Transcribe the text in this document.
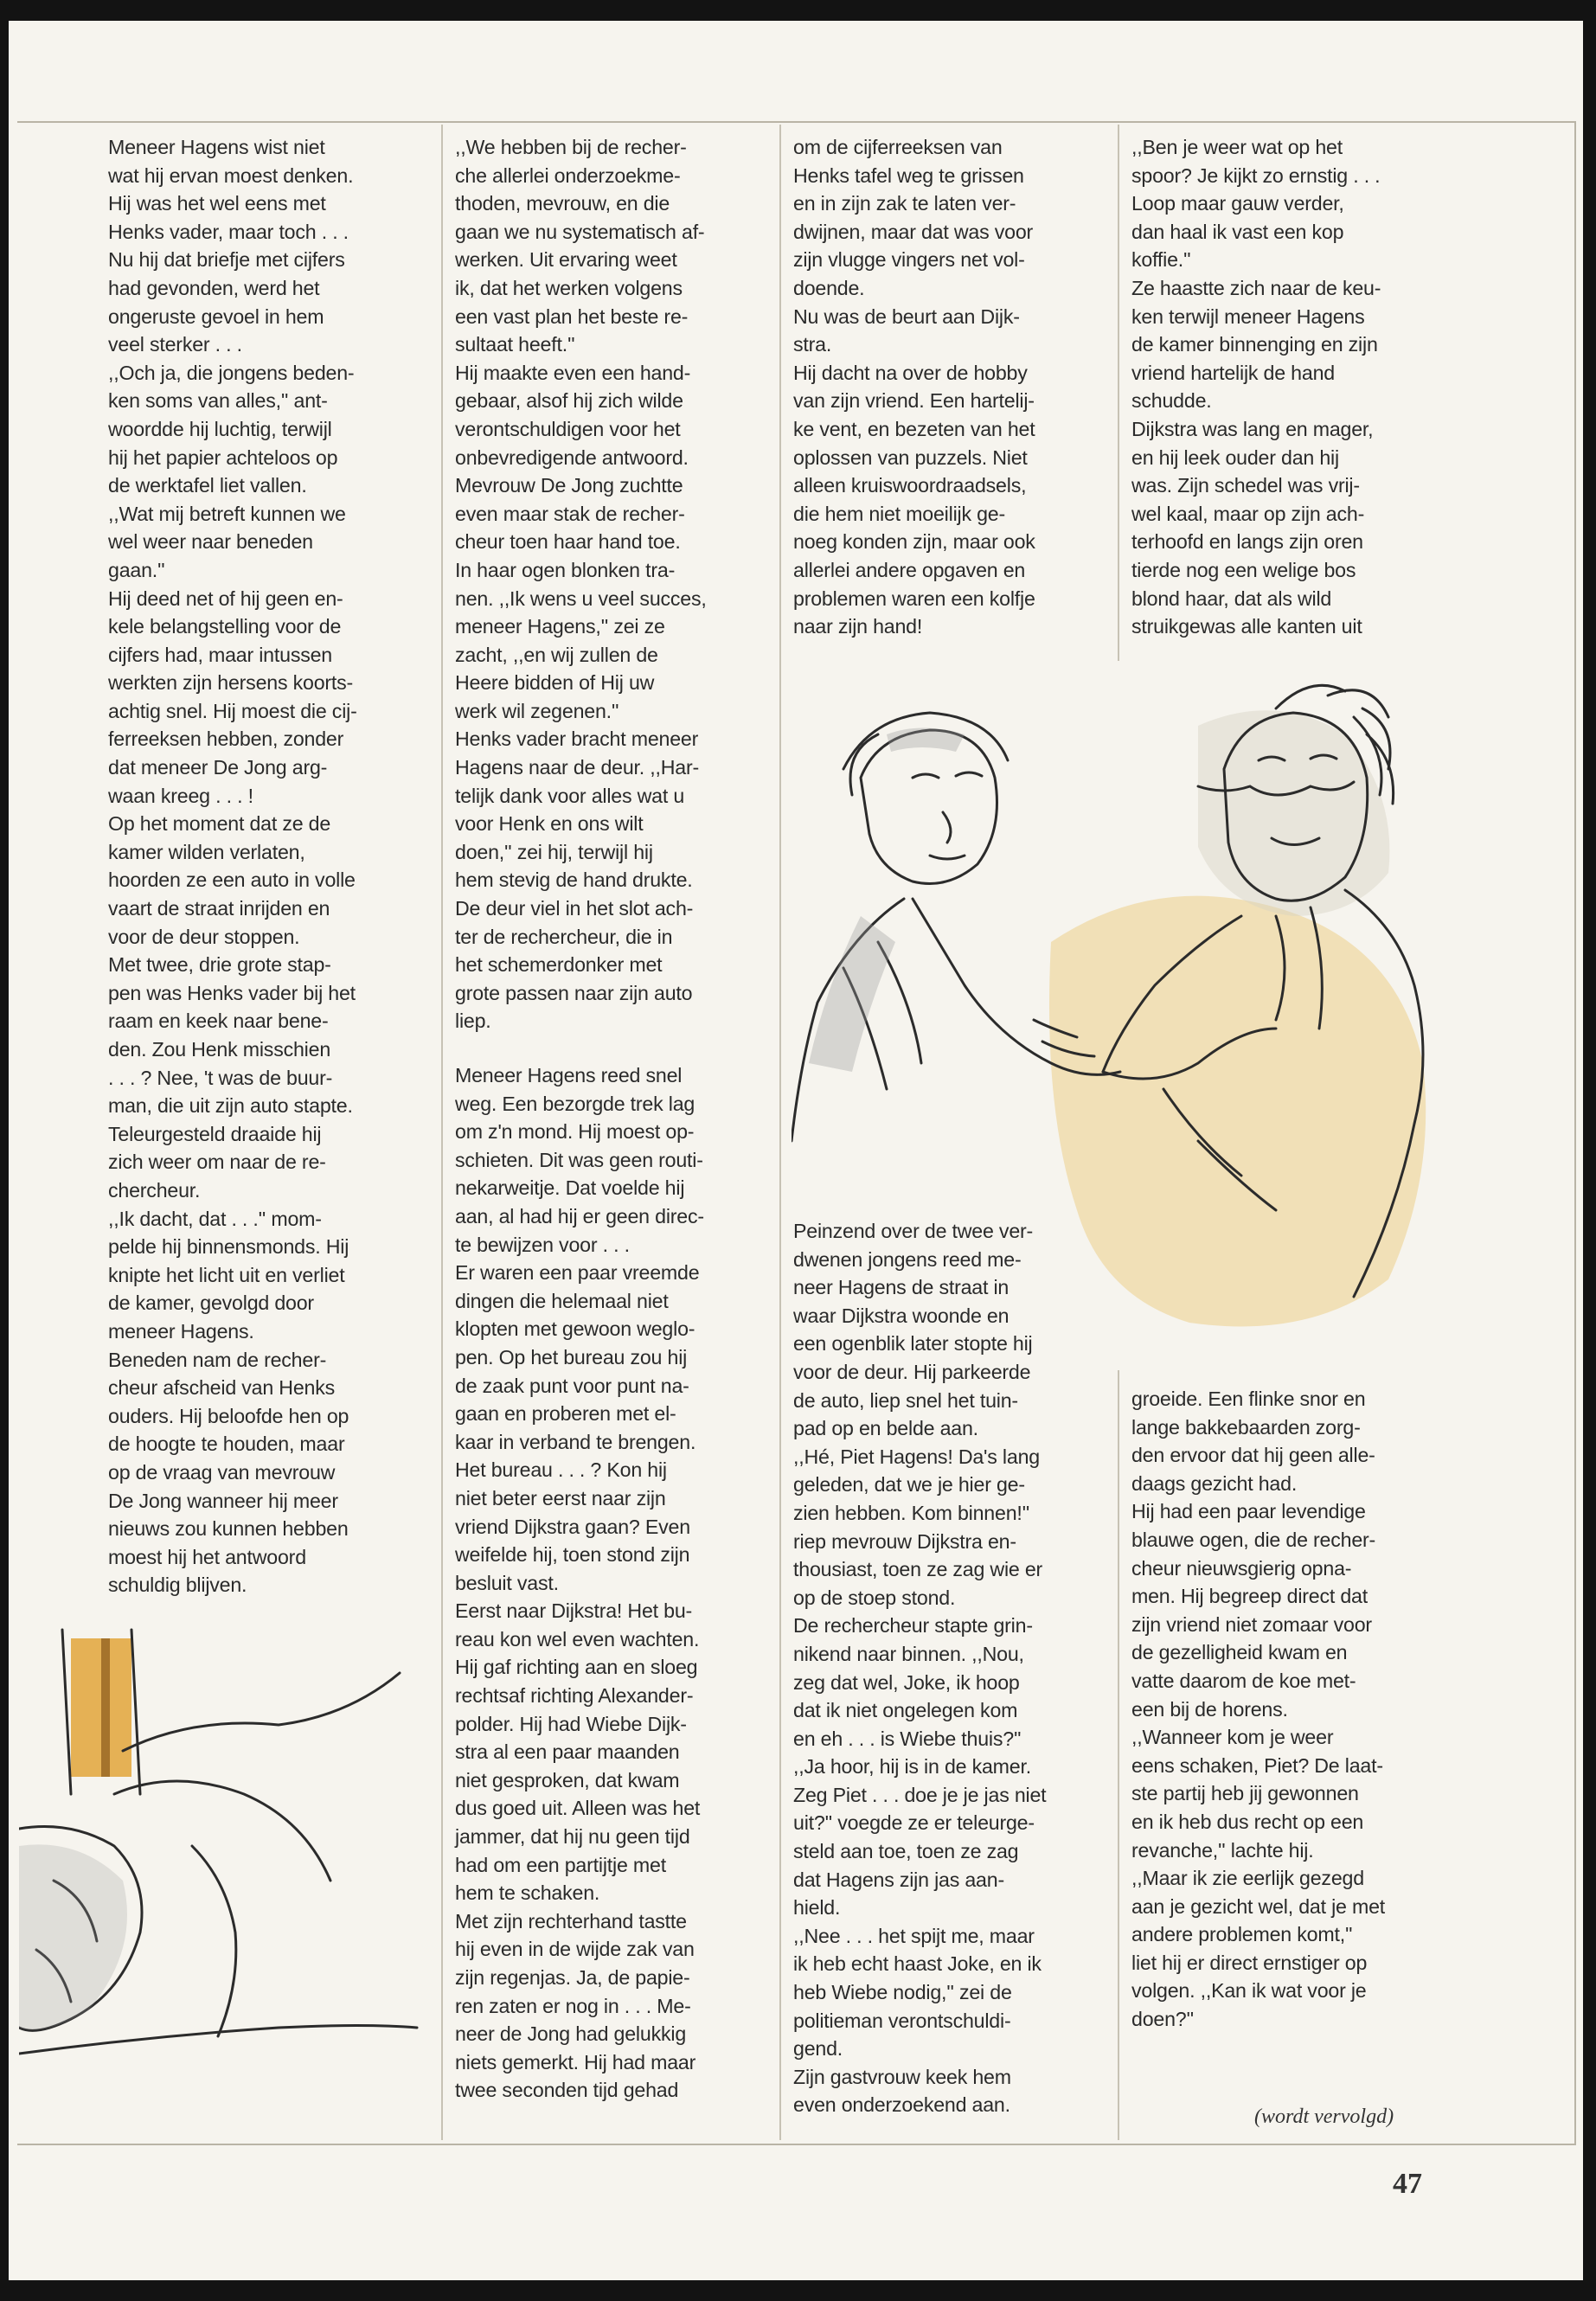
Meneer Hagens wist niet

wat hij ervan moest denken.

Hij was het wel eens met

Henks vader, maar toch . . .

Nu hij dat briefje met cijfers

had gevonden, werd het

ongeruste gevoel in hem

veel sterker . . .

,,Och ja, die jongens beden-

ken soms van alles,'' ant-

woordde hij luchtig, terwijl

hij het papier achteloos op

de werktafel liet vallen.

,,Wat mij betreft kunnen we

wel weer naar beneden

gaan.''

Hij deed net of hij geen en-

kele belangstelling voor de

cijfers had, maar intussen

werkten zijn hersens koorts-

achtig snel. Hij moest die cij-

ferreeksen hebben, zonder

dat meneer De Jong arg-

waan kreeg . . . !

Op het moment dat ze de

kamer wilden verlaten,

hoorden ze een auto in volle

vaart de straat inrijden en

voor de deur stoppen.

Met twee, drie grote stap-

pen was Henks vader bij het

raam en keek naar bene-

den. Zou Henk misschien

. . . ? Nee, 't was de buur-

man, die uit zijn auto stapte.

Teleurgesteld draaide hij

zich weer om naar de re-

chercheur.

,,Ik dacht, dat . . .'' mom-

pelde hij binnensmonds. Hij

knipte het licht uit en verliet

de kamer, gevolgd door

meneer Hagens.

Beneden nam de recher-

cheur afscheid van Henks

ouders. Hij beloofde hen op

de hoogte te houden, maar

op de vraag van mevrouw

De Jong wanneer hij meer

nieuws zou kunnen hebben

moest hij het antwoord

schuldig blijven.

,,We hebben bij de recher-

che allerlei onderzoekme-

thoden, mevrouw, en die

gaan we nu systematisch af-

werken. Uit ervaring weet

ik, dat het werken volgens

een vast plan het beste re-

sultaat heeft.''

Hij maakte even een hand-

gebaar, alsof hij zich wilde

verontschuldigen voor het

onbevredigende antwoord.

Mevrouw De Jong zuchtte

even maar stak de recher-

cheur toen haar hand toe.

In haar ogen blonken tra-

nen. ,,Ik wens u veel succes,

meneer Hagens,'' zei ze

zacht, ,,en wij zullen de

Heere bidden of Hij uw

werk wil zegenen.''

Henks vader bracht meneer

Hagens naar de deur. ,,Har-

telijk dank voor alles wat u

voor Henk en ons wilt

doen,'' zei hij, terwijl hij

hem stevig de hand drukte.

De deur viel in het slot ach-

ter de rechercheur, die in

het schemerdonker met

grote passen naar zijn auto

liep.

Meneer Hagens reed snel

weg. Een bezorgde trek lag

om z'n mond. Hij moest op-

schieten. Dit was geen routi-

nekarweitje. Dat voelde hij

aan, al had hij er geen direc-

te bewijzen voor . . .

Er waren een paar vreemde

dingen die helemaal niet

klopten met gewoon weglo-

pen. Op het bureau zou hij

de zaak punt voor punt na-

gaan en proberen met el-

kaar in verband te brengen.

Het bureau . . . ? Kon hij

niet beter eerst naar zijn

vriend Dijkstra gaan? Even

weifelde hij, toen stond zijn

besluit vast.

Eerst naar Dijkstra! Het bu-

reau kon wel even wachten.

Hij gaf richting aan en sloeg

rechtsaf richting Alexander-

polder. Hij had Wiebe Dijk-

stra al een paar maanden

niet gesproken, dat kwam

dus goed uit. Alleen was het

jammer, dat hij nu geen tijd

had om een partijtje met

hem te schaken.

Met zijn rechterhand tastte

hij even in de wijde zak van

zijn regenjas. Ja, de papie-

ren zaten er nog in . . . Me-

neer de Jong had gelukkig

niets gemerkt. Hij had maar

twee seconden tijd gehad

om de cijferreeksen van

Henks tafel weg te grissen

en in zijn zak te laten ver-

dwijnen, maar dat was voor

zijn vlugge vingers net vol-

doende.

Nu was de beurt aan Dijk-

stra.

Hij dacht na over de hobby

van zijn vriend. Een hartelij-

ke vent, en bezeten van het

oplossen van puzzels. Niet

alleen kruiswoordraadsels,

die hem niet moeilijk ge-

noeg konden zijn, maar ook

allerlei andere opgaven en

problemen waren een kolfje

naar zijn hand!

Peinzend over de twee ver-

dwenen jongens reed me-

neer Hagens de straat in

waar Dijkstra woonde en

een ogenblik later stopte hij

voor de deur. Hij parkeerde

de auto, liep snel het tuin-

pad op en belde aan.

,,Hé, Piet Hagens! Da's lang

geleden, dat we je hier ge-

zien hebben. Kom binnen!''

riep mevrouw Dijkstra en-

thousiast, toen ze zag wie er

op de stoep stond.

De rechercheur stapte grin-

nikend naar binnen. ,,Nou,

zeg dat wel, Joke, ik hoop

dat ik niet ongelegen kom

en eh . . . is Wiebe thuis?''

,,Ja hoor, hij is in de kamer.

Zeg Piet . . . doe je je jas niet

uit?'' voegde ze er teleurge-

steld aan toe, toen ze zag

dat Hagens zijn jas aan-

hield.

,,Nee . . . het spijt me, maar

ik heb echt haast Joke, en ik

heb Wiebe nodig,'' zei de

politieman verontschuldi-

gend.

Zijn gastvrouw keek hem

even onderzoekend aan.

,,Ben je weer wat op het

spoor? Je kijkt zo ernstig . . .

Loop maar gauw verder,

dan haal ik vast een kop

koffie.''

Ze haastte zich naar de keu-

ken terwijl meneer Hagens

de kamer binnenging en zijn

vriend hartelijk de hand

schudde.

Dijkstra was lang en mager,

en hij leek ouder dan hij

was. Zijn schedel was vrij-

wel kaal, maar op zijn ach-

terhoofd en langs zijn oren

tierde nog een welige bos

blond haar, dat als wild

struikgewas alle kanten uit

groeide. Een flinke snor en

lange bakkebaarden zorg-

den ervoor dat hij geen alle-

daags gezicht had.

Hij had een paar levendige

blauwe ogen, die de recher-

cheur nieuwsgierig opna-

men. Hij begreep direct dat

zijn vriend niet zomaar voor

de gezelligheid kwam en

vatte daarom de koe met-

een bij de horens.

,,Wanneer kom je weer

eens schaken, Piet? De laat-

ste partij heb jij gewonnen

en ik heb dus recht op een

revanche,'' lachte hij.

,,Maar ik zie eerlijk gezegd

aan je gezicht wel, dat je met

andere problemen komt,''

liet hij er direct ernstiger op

volgen. ,,Kan ik wat voor je

doen?''

(wordt vervolgd)
47
